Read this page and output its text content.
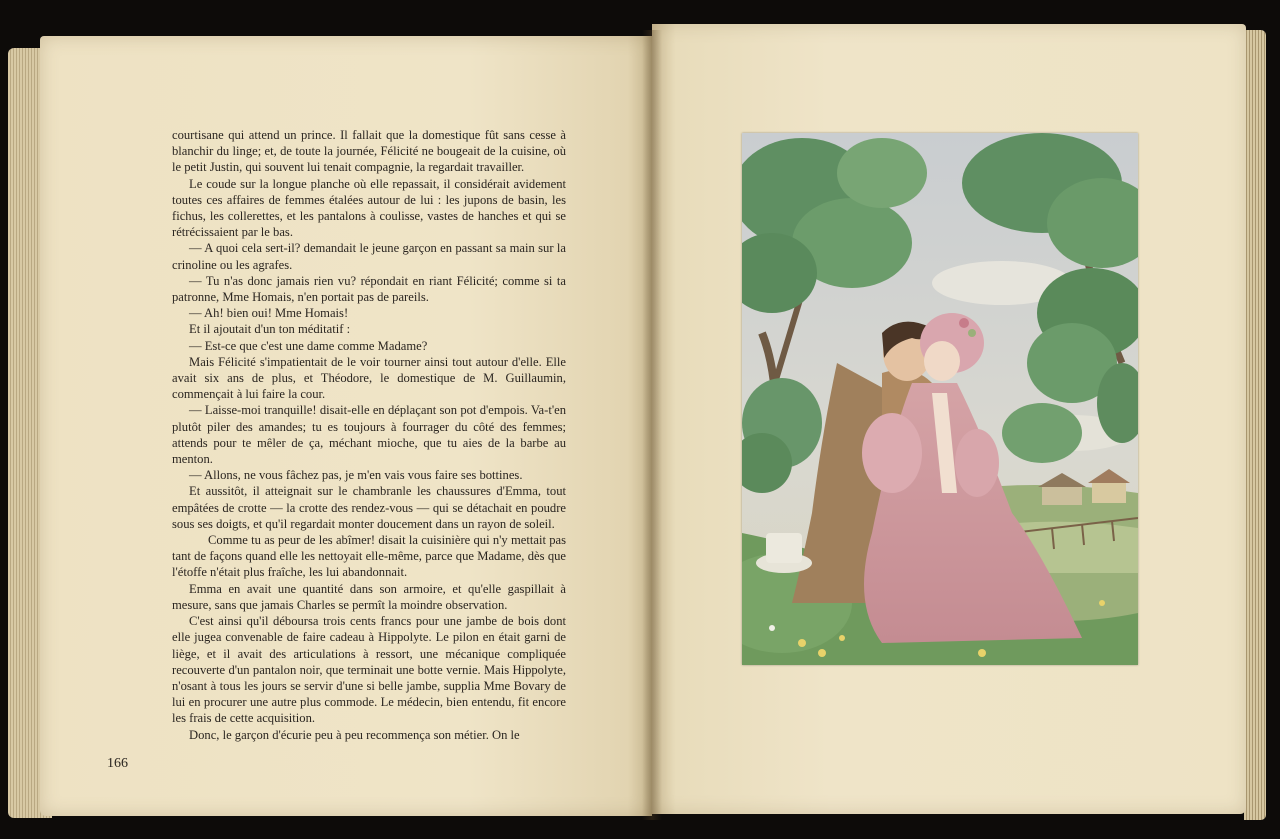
courtisane qui attend un prince. Il fallait que la domestique fût sans cesse à blanchir du linge; et, de toute la journée, Félicité ne bougeait de la cuisine, où le petit Justin, qui souvent lui tenait compagnie, la regardait travailler.

Le coude sur la longue planche où elle repassait, il considérait avidement toutes ces affaires de femmes étalées autour de lui : les jupons de basin, les fichus, les collerettes, et les pantalons à coulisse, vastes de hanches et qui se rétrécissaient par le bas.

— A quoi cela sert-il? demandait le jeune garçon en passant sa main sur la crinoline ou les agrafes.

— Tu n'as donc jamais rien vu? répondait en riant Félicité; comme si ta patronne, Mme Homais, n'en portait pas de pareils.

— Ah! bien oui! Mme Homais!

Et il ajoutait d'un ton méditatif :

— Est-ce que c'est une dame comme Madame?

Mais Félicité s'impatientait de le voir tourner ainsi tout autour d'elle. Elle avait six ans de plus, et Théodore, le domestique de M. Guillaumin, commençait à lui faire la cour.

— Laisse-moi tranquille! disait-elle en déplaçant son pot d'empois. Va-t'en plutôt piler des amandes; tu es toujours à fourrager du côté des femmes; attends pour te mêler de ça, méchant mioche, que tu aies de la barbe au menton.

— Allons, ne vous fâchez pas, je m'en vais vous faire ses bottines.

Et aussitôt, il atteignait sur le chambranle les chaussures d'Emma, tout empâtées de crotte — la crotte des rendez-vous — qui se détachait en poudre sous ses doigts, et qu'il regardait monter doucement dans un rayon de soleil.

Comme tu as peur de les abîmer! disait la cuisinière qui n'y mettait pas tant de façons quand elle les nettoyait elle-même, parce que Madame, dès que l'étoffe n'était plus fraîche, les lui abandonnait.

Emma en avait une quantité dans son armoire, et qu'elle gaspillait à mesure, sans que jamais Charles se permît la moindre observation.

C'est ainsi qu'il déboursa trois cents francs pour une jambe de bois dont elle jugea convenable de faire cadeau à Hippolyte. Le pilon en était garni de liège, et il avait des articulations à ressort, une mécanique compliquée recouverte d'un pantalon noir, que terminait une botte vernie. Mais Hippolyte, n'osant à tous les jours se servir d'une si belle jambe, supplia Mme Bovary de lui en procurer une autre plus commode. Le médecin, bien entendu, fit encore les frais de cette acquisition.

Donc, le garçon d'écurie peu à peu recommença son métier. On le

166
